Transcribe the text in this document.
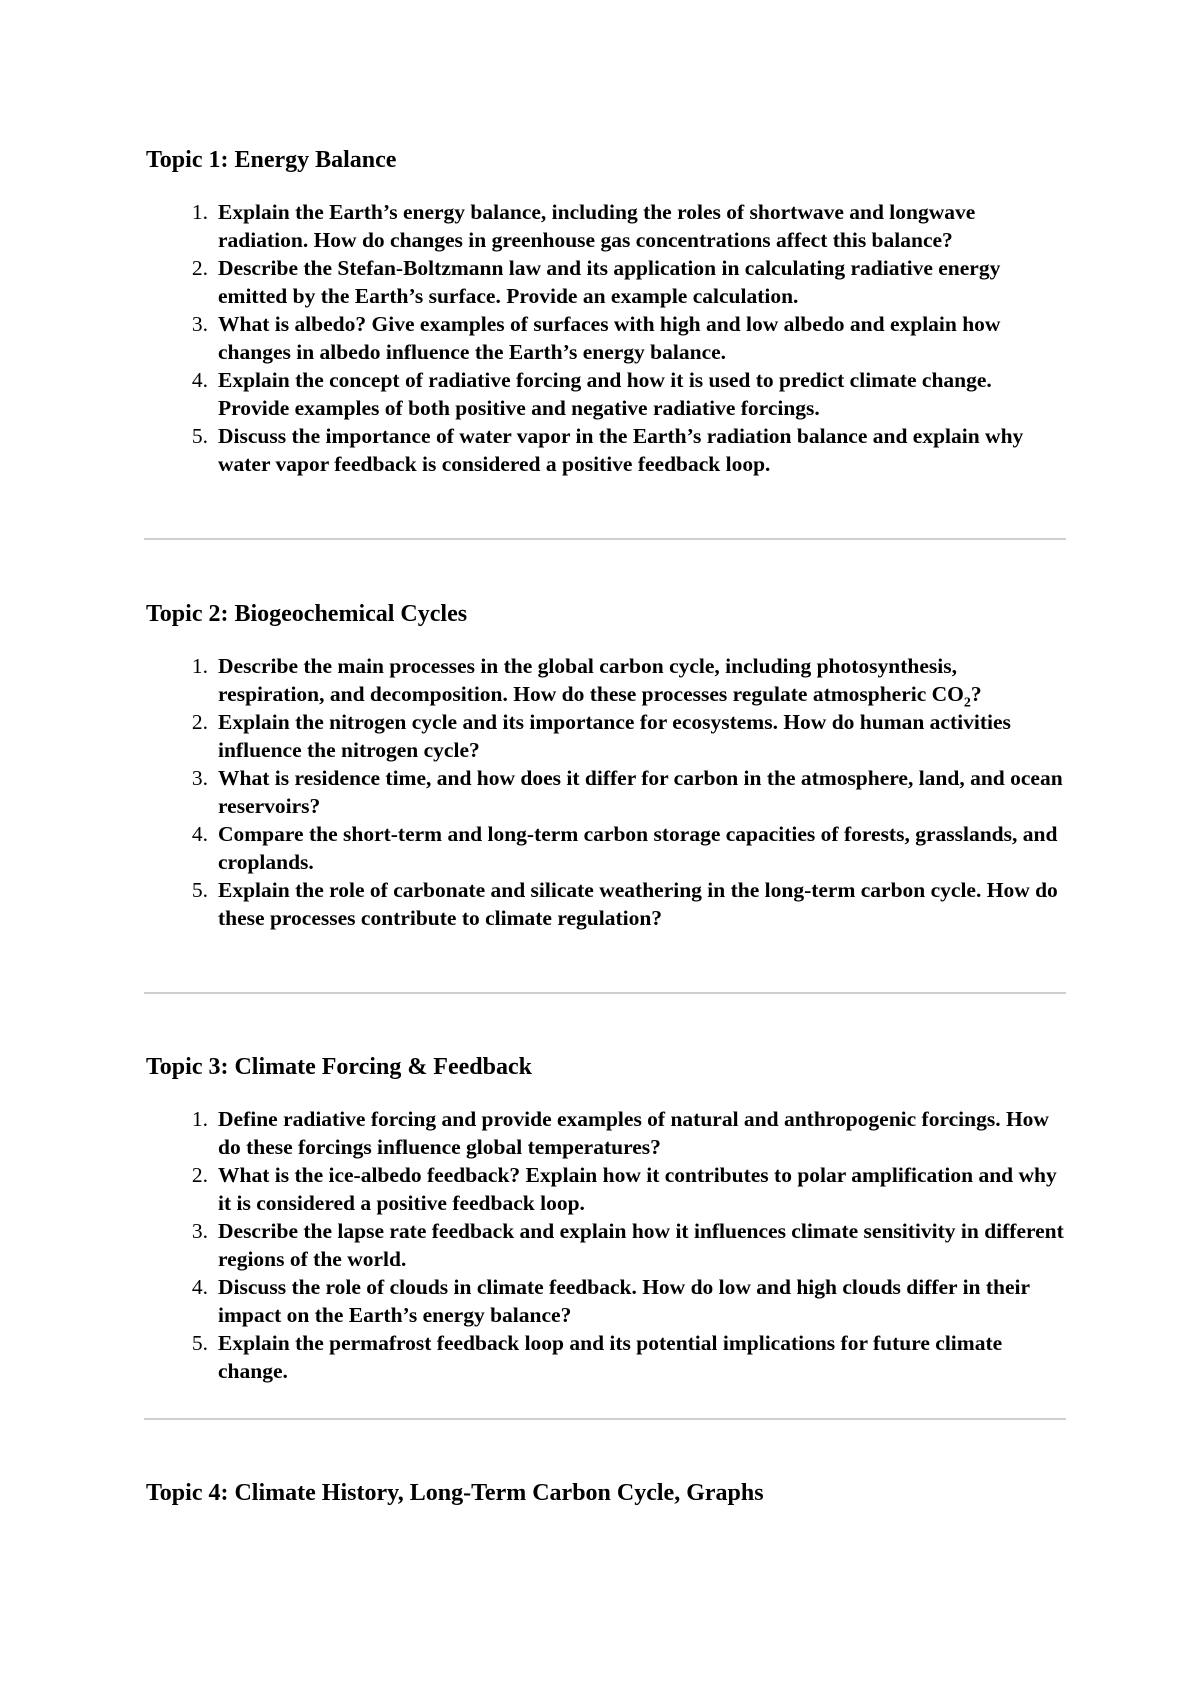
Topic 1: Energy Balance
1. Explain the Earth’s energy balance, including the roles of shortwave and longwave radiation. How do changes in greenhouse gas concentrations affect this balance?
2. Describe the Stefan-Boltzmann law and its application in calculating radiative energy emitted by the Earth’s surface. Provide an example calculation.
3. What is albedo? Give examples of surfaces with high and low albedo and explain how changes in albedo influence the Earth’s energy balance.
4. Explain the concept of radiative forcing and how it is used to predict climate change. Provide examples of both positive and negative radiative forcings.
5. Discuss the importance of water vapor in the Earth’s radiation balance and explain why water vapor feedback is considered a positive feedback loop.
Topic 2: Biogeochemical Cycles
1. Describe the main processes in the global carbon cycle, including photosynthesis, respiration, and decomposition. How do these processes regulate atmospheric $CO_2$?
2. Explain the nitrogen cycle and its importance for ecosystems. How do human activities influence the nitrogen cycle?
3. What is residence time, and how does it differ for carbon in the atmosphere, land, and ocean reservoirs?
4. Compare the short-term and long-term carbon storage capacities of forests, grasslands, and croplands.
5. Explain the role of carbonate and silicate weathering in the long-term carbon cycle. How do these processes contribute to climate regulation?
Topic 3: Climate Forcing & Feedback
1. Define radiative forcing and provide examples of natural and anthropogenic forcings. How do these forcings influence global temperatures?
2. What is the ice-albedo feedback? Explain how it contributes to polar amplification and why it is considered a positive feedback loop.
3. Describe the lapse rate feedback and explain how it influences climate sensitivity in different regions of the world.
4. Discuss the role of clouds in climate feedback. How do low and high clouds differ in their impact on the Earth’s energy balance?
5. Explain the permafrost feedback loop and its potential implications for future climate change.
Topic 4: Climate History, Long-Term Carbon Cycle, Graphs
